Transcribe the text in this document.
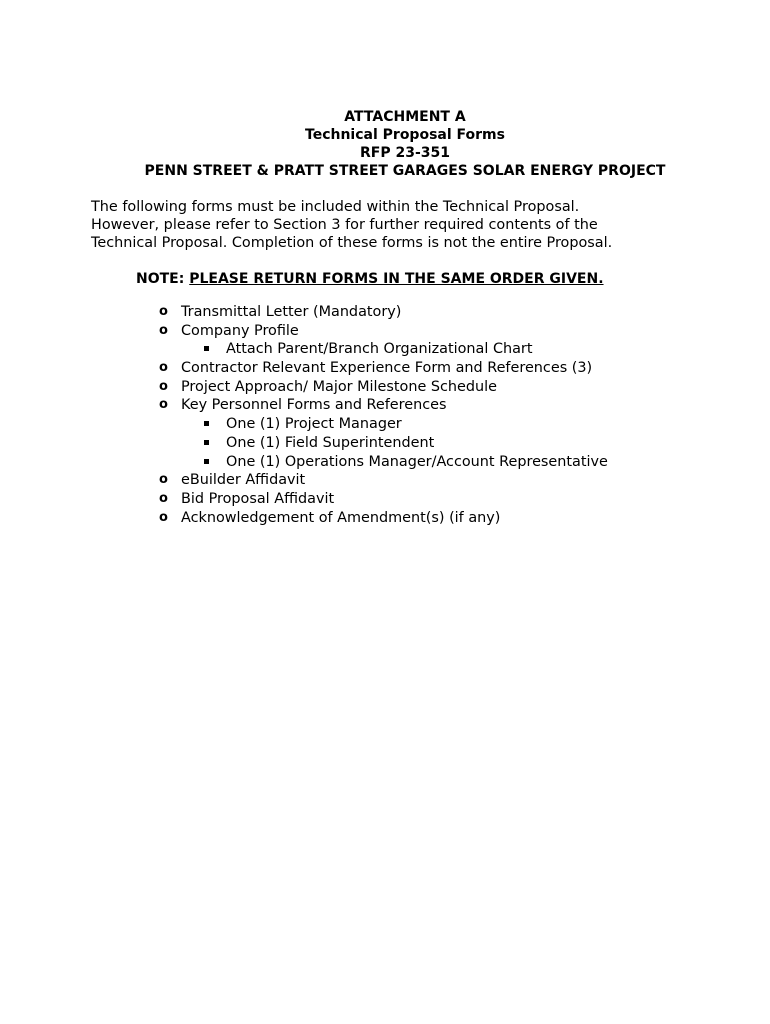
ATTACHMENT A
Technical Proposal Forms
RFP 23-351
PENN STREET & PRATT STREET GARAGES SOLAR ENERGY PROJECT
The following forms must be included within the Technical Proposal.
However, please refer to Section 3 for further required contents of the
Technical Proposal. Completion of these forms is not the entire Proposal.
NOTE: PLEASE RETURN FORMS IN THE SAME ORDER GIVEN.
o Transmittal Letter (Mandatory)
o Company Profile
Attach Parent/Branch Organizational Chart
o Contractor Relevant Experience Form and References (3)
o Project Approach/ Major Milestone Schedule
o Key Personnel Forms and References
One (1) Project Manager
One (1) Field Superintendent
One (1) Operations Manager/Account Representative
o eBuilder Affidavit
o Bid Proposal Affidavit
o Acknowledgement of Amendment(s) (if any)
